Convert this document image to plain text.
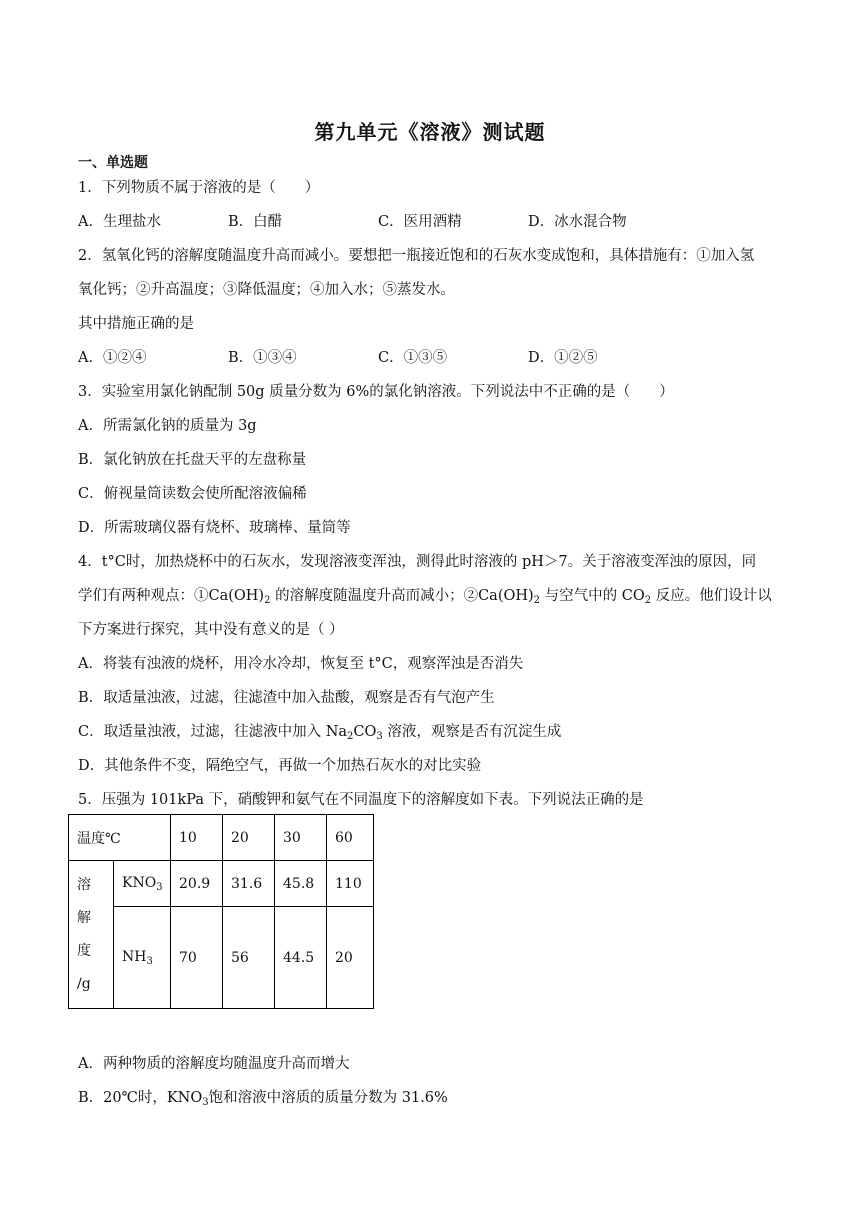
第九单元《溶液》测试题
一、单选题
1．下列物质不属于溶液的是（　　）
A．生理盐水	B．白醋	C．医用酒精	D．冰水混合物
2．氢氧化钙的溶解度随温度升高而减小。要想把一瓶接近饱和的石灰水变成饱和，具体措施有：①加入氢
氧化钙；②升高温度；③降低温度；④加入水；⑤蒸发水。
其中措施正确的是
A．①②④	B．①③④	C．①③⑤	D．①②⑤
3．实验室用氯化钠配制 50g 质量分数为 6%的氯化钠溶液。下列说法中不正确的是（　　）
A．所需氯化钠的质量为 3g
B．氯化钠放在托盘天平的左盘称量
C．俯视量筒读数会使所配溶液偏稀
D．所需玻璃仪器有烧杯、玻璃棒、量筒等
4．t°C时，加热烧杯中的石灰水，发现溶液变浑浊，测得此时溶液的 pH＞7。关于溶液变浑浊的原因，同
学们有两种观点：$①Ca(OH)_2$ 的溶解度随温度升高而减小；$②Ca(OH)_2$ 与空气中的 $CO_2$ 反应。他们设计以
下方案进行探究，其中没有意义的是（ ）
A．将装有浊液的烧杯，用冷水冷却，恢复至 t°C，观察浑浊是否消失
B．取适量浊液，过滤，往滤渣中加入盐酸，观察是否有气泡产生
C．取适量浊液，过滤，往滤液中加入 $Na_2CO_3$ 溶液，观察是否有沉淀生成
D．其他条件不变，隔绝空气，再做一个加热石灰水的对比实验
5．压强为 101kPa 下，硝酸钾和氨气在不同温度下的溶解度如下表。下列说法正确的是
温度℃		10	20	30	60

溶
解
度
/g	$KNO_3$	20.9	31.6	45.8	110
	$NH_3$	70	56	44.5	20
A．两种物质的溶解度均随温度升高而增大
B．20℃时，$KNO_3$饱和溶液中溶质的质量分数为 31.6%
